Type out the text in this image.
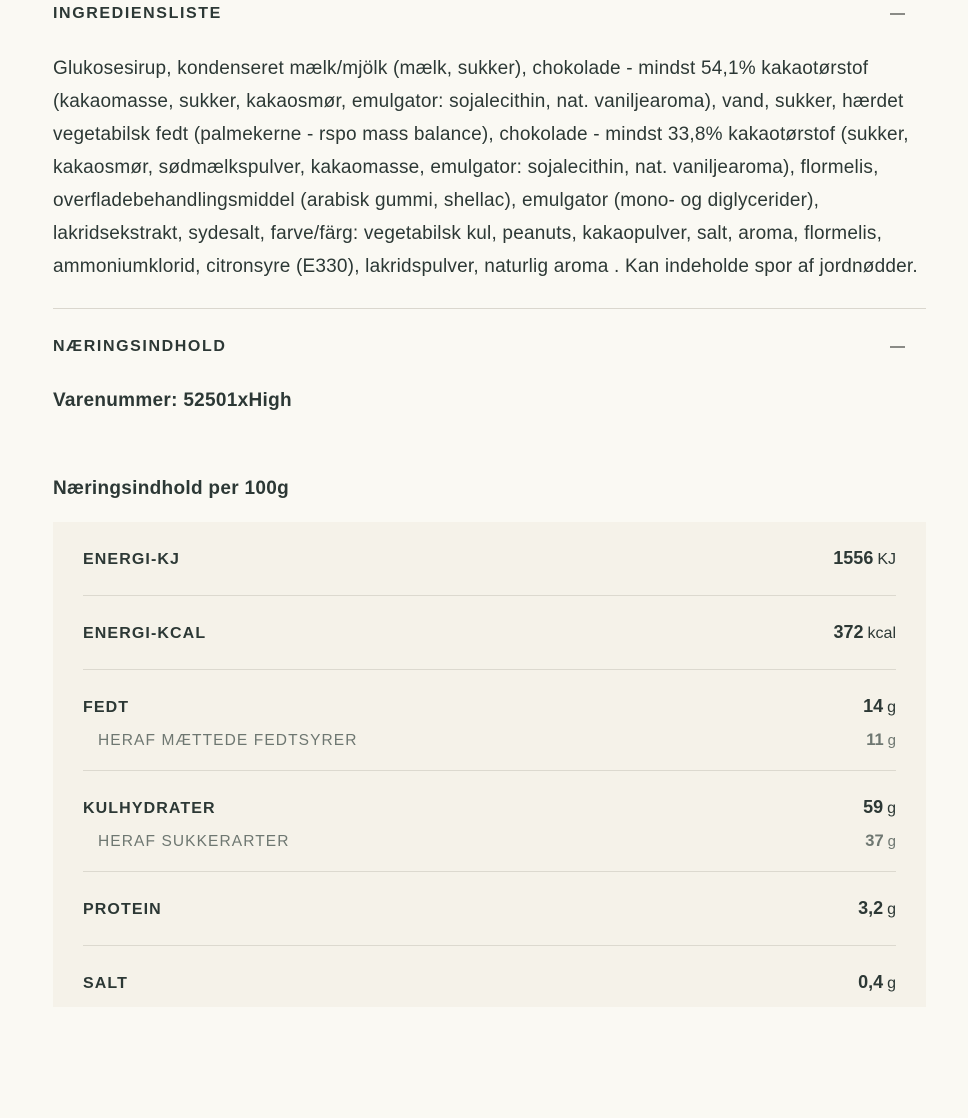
INGREDIENSLISTE

Glukosesirup, kondenseret mælk/mjölk (mælk, sukker), chokolade - mindst 54,1% kakaotørstof (kakaomasse, sukker, kakaosmør, emulgator: sojalecithin, nat. vaniljearoma), vand, sukker, hærdet vegetabilsk fedt (palmekerne - rspo mass balance), chokolade - mindst 33,8% kakaotørstof (sukker, kakaosmør, sødmælkspulver, kakaomasse, emulgator: sojalecithin, nat. vaniljearoma), flormelis, overfladebehandlingsmiddel (arabisk gummi, shellac), emulgator (mono- og diglycerider), lakridsekstrakt, sydesalt, farve/färg: vegetabilsk kul, peanuts, kakaopulver, salt, aroma, flormelis, ammoniumklorid, citronsyre (E330), lakridspulver, naturlig aroma . Kan indeholde spor af jordnødder.

NÆRINGSINDHOLD
Varenummer: 52501xHigh
Næringsindhold per 100g
ENERGI-KJ	1556 KJ
ENERGI-KCAL	372 kcal
FEDT	14 g
HERAF MÆTTEDE FEDTSYRER	11 g
KULHYDRATER	59 g
HERAF SUKKERARTER	37 g
PROTEIN	3,2 g
SALT	0,4 g
